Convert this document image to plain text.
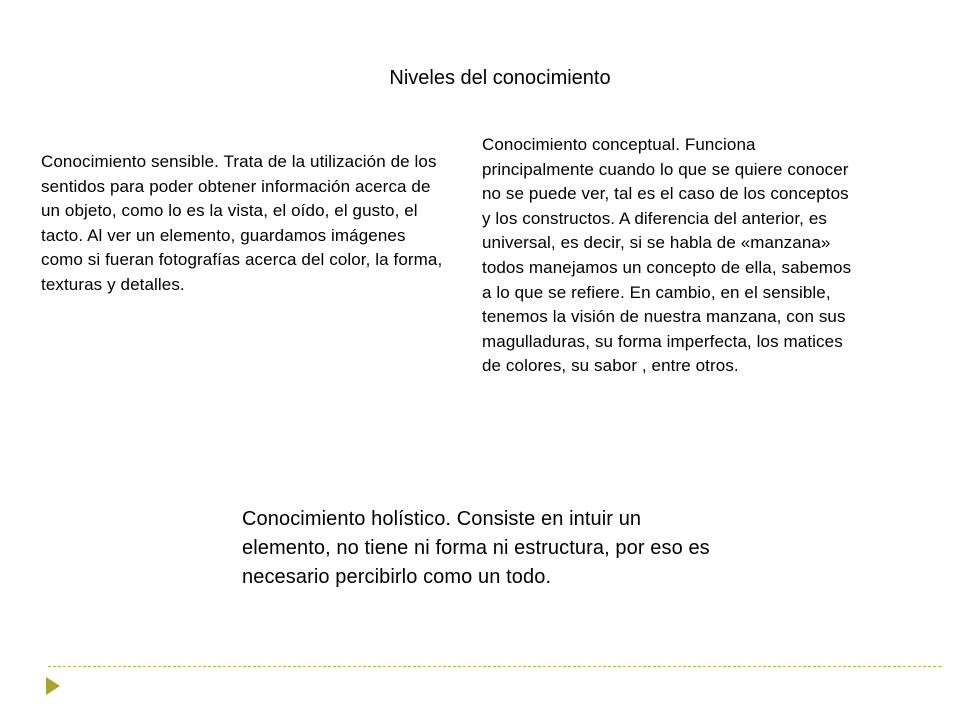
Niveles del conocimiento

Conocimiento sensible. Trata de la utilización de los sentidos para poder obtener información acerca de un objeto, como lo es la vista, el oído, el gusto, el tacto. Al ver un elemento, guardamos imágenes como si fueran fotografías acerca del color, la forma, texturas y detalles.

Conocimiento conceptual. Funciona principalmente cuando lo que se quiere conocer no se puede ver, tal es el caso de los conceptos y los constructos. A diferencia del anterior, es universal, es decir, si se habla de «manzana» todos manejamos un concepto de ella, sabemos a lo que se refiere. En cambio, en el sensible, tenemos la visión de nuestra manzana, con sus magulladuras, su forma imperfecta, los matices de colores, su sabor , entre otros.

Conocimiento holístico. Consiste en intuir un elemento, no tiene ni forma ni estructura, por eso es necesario percibirlo como un todo.
